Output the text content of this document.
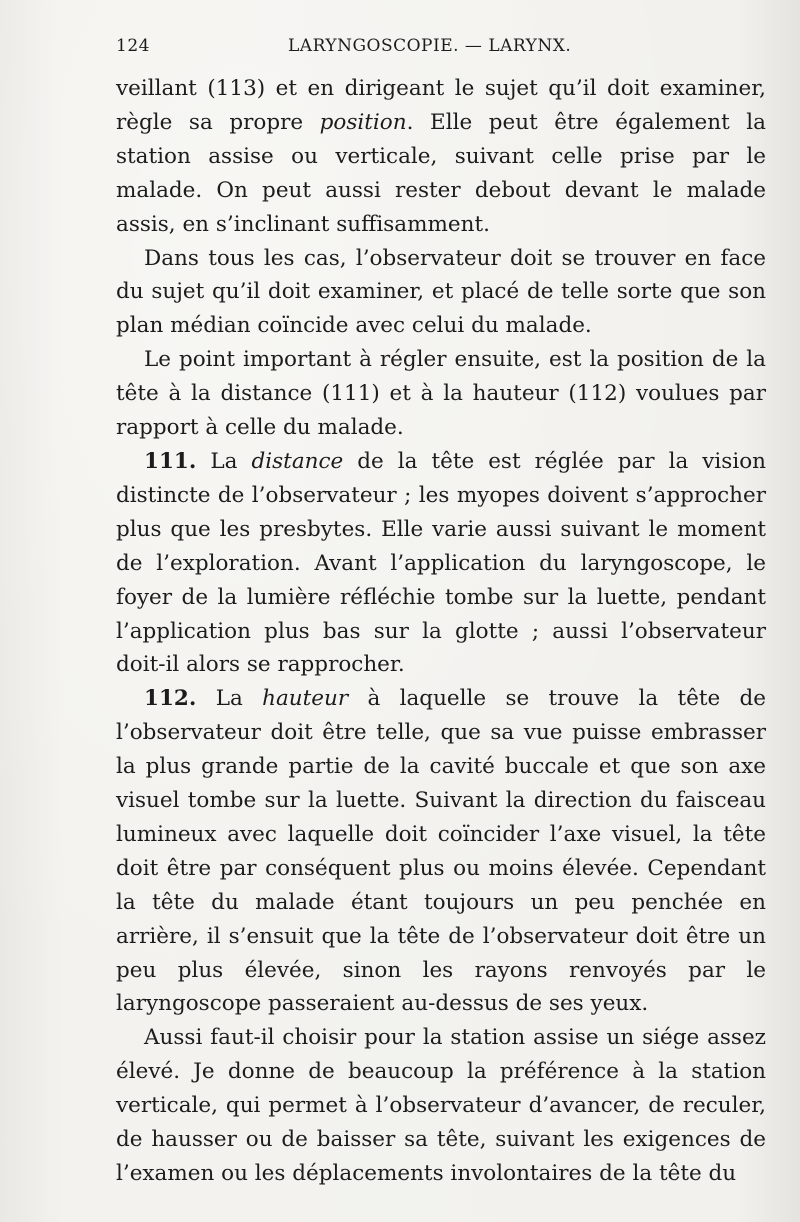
124	LARYNGOSCOPIE. — LARYNX.

veillant (113) et en dirigeant le sujet qu’il doit examiner, règle sa propre position. Elle peut être également la station assise ou verticale, suivant celle prise par le malade. On peut aussi rester debout devant le malade assis, en s’inclinant suffisamment.

Dans tous les cas, l’observateur doit se trouver en face du sujet qu’il doit examiner, et placé de telle sorte que son plan médian coïncide avec celui du malade.

Le point important à régler ensuite, est la position de la tête à la distance (111) et à la hauteur (112) voulues par rapport à celle du malade.

111. La distance de la tête est réglée par la vision distincte de l’observateur ; les myopes doivent s’approcher plus que les presbytes. Elle varie aussi suivant le moment de l’exploration. Avant l’application du laryngoscope, le foyer de la lumière réfléchie tombe sur la luette, pendant l’application plus bas sur la glotte ; aussi l’observateur doit-il alors se rapprocher.

112. La hauteur à laquelle se trouve la tête de l’observateur doit être telle, que sa vue puisse embrasser la plus grande partie de la cavité buccale et que son axe visuel tombe sur la luette. Suivant la direction du faisceau lumineux avec laquelle doit coïncider l’axe visuel, la tête doit être par conséquent plus ou moins élevée. Cependant la tête du malade étant toujours un peu penchée en arrière, il s’ensuit que la tête de l’observateur doit être un peu plus élevée, sinon les rayons renvoyés par le laryngoscope passeraient au-dessus de ses yeux.

Aussi faut-il choisir pour la station assise un siége assez élevé. Je donne de beaucoup la préférence à la station verticale, qui permet à l’observateur d’avancer, de reculer, de hausser ou de baisser sa tête, suivant les exigences de l’examen ou les déplacements involontaires de la tête du
